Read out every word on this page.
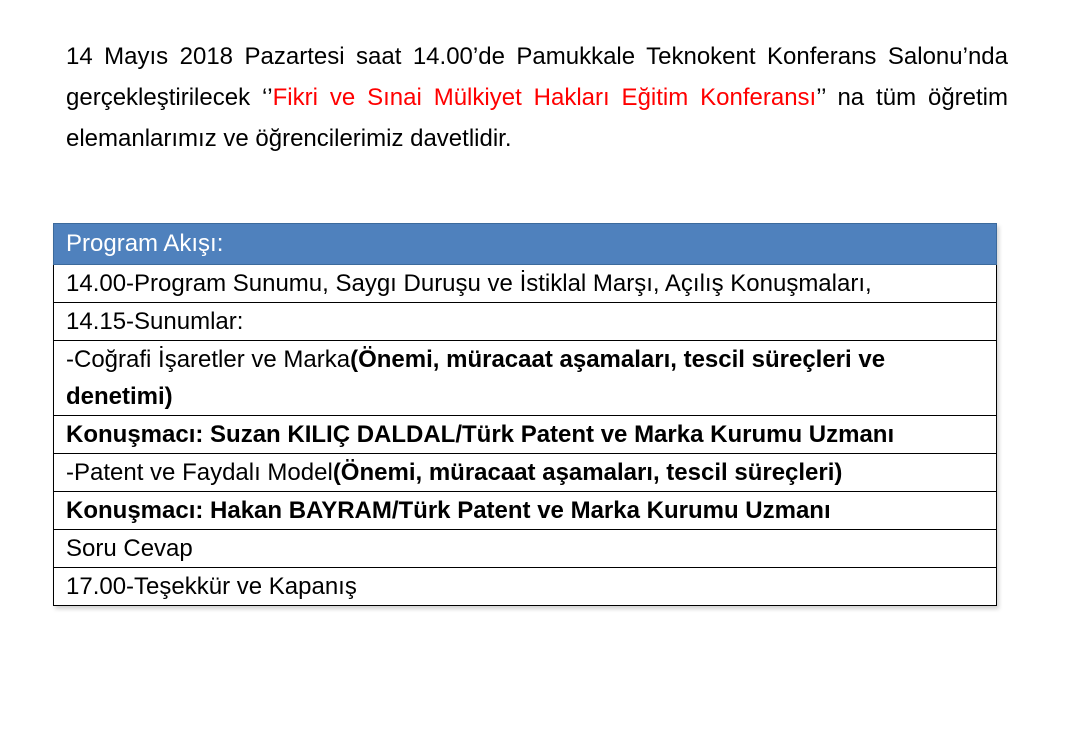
14 Mayıs 2018 Pazartesi saat 14.00’de Pamukkale Teknokent Konferans Salonu’nda gerçekleştirilecek ‘’Fikri ve Sınai Mülkiyet Hakları Eğitim Konferansı’’ na tüm öğretim elemanlarımız ve öğrencilerimiz davetlidir.

Program Akışı:
14.00-Program Sunumu, Saygı Duruşu ve İstiklal Marşı, Açılış Konuşmaları,
14.15-Sunumlar:
-Coğrafi İşaretler ve Marka(Önemi, müracaat aşamaları, tescil süreçleri ve denetimi)
Konuşmacı: Suzan KILIÇ DALDAL/Türk Patent ve Marka Kurumu Uzmanı
-Patent ve Faydalı Model(Önemi, müracaat aşamaları, tescil süreçleri)
Konuşmacı: Hakan BAYRAM/Türk Patent ve Marka Kurumu Uzmanı
Soru Cevap
17.00-Teşekkür ve Kapanış
